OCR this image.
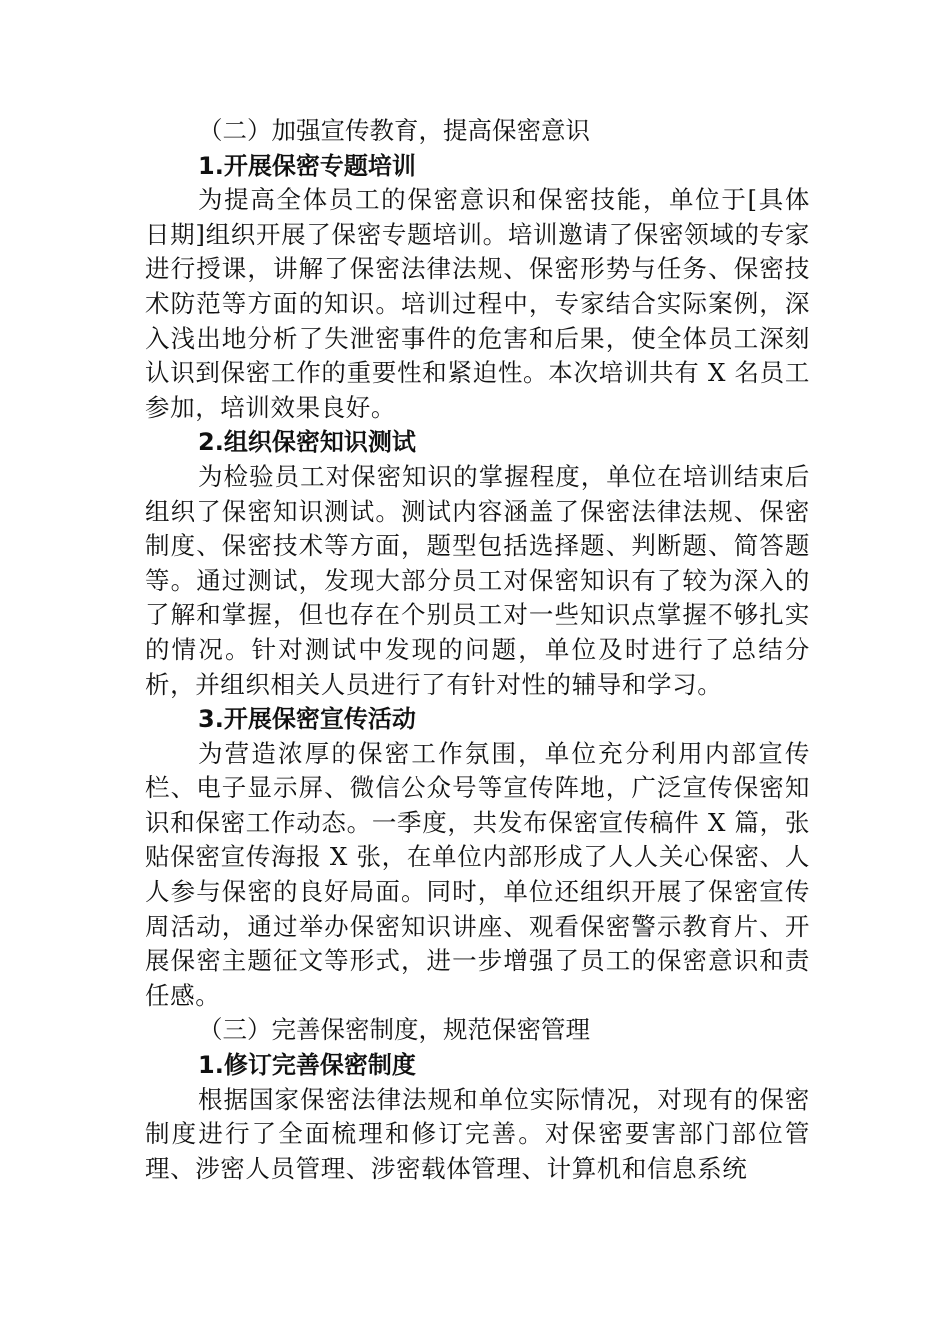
（二）加强宣传教育，提高保密意识
1.开展保密专题培训

为提高全体员工的保密意识和保密技能，单位于[具体日期]组织开展了保密专题培训。培训邀请了保密领域的专家进行授课，讲解了保密法律法规、保密形势与任务、保密技术防范等方面的知识。培训过程中，专家结合实际案例，深入浅出地分析了失泄密事件的危害和后果，使全体员工深刻认识到保密工作的重要性和紧迫性。本次培训共有 X 名员工参加，培训效果良好。

2.组织保密知识测试

为检验员工对保密知识的掌握程度，单位在培训结束后组织了保密知识测试。测试内容涵盖了保密法律法规、保密制度、保密技术等方面，题型包括选择题、判断题、简答题等。通过测试，发现大部分员工对保密知识有了较为深入的了解和掌握，但也存在个别员工对一些知识点掌握不够扎实的情况。针对测试中发现的问题，单位及时进行了总结分析，并组织相关人员进行了有针对性的辅导和学习。

3.开展保密宣传活动

为营造浓厚的保密工作氛围，单位充分利用内部宣传栏、电子显示屏、微信公众号等宣传阵地，广泛宣传保密知识和保密工作动态。一季度，共发布保密宣传稿件 X 篇，张贴保密宣传海报 X 张，在单位内部形成了人人关心保密、人人参与保密的良好局面。同时，单位还组织开展了保密宣传周活动，通过举办保密知识讲座、观看保密警示教育片、开展保密主题征文等形式，进一步增强了员工的保密意识和责任感。

（三）完善保密制度，规范保密管理
1.修订完善保密制度

根据国家保密法律法规和单位实际情况，对现有的保密制度进行了全面梳理和修订完善。对保密要害部门部位管理、涉密人员管理、涉密载体管理、计算机和信息系统
